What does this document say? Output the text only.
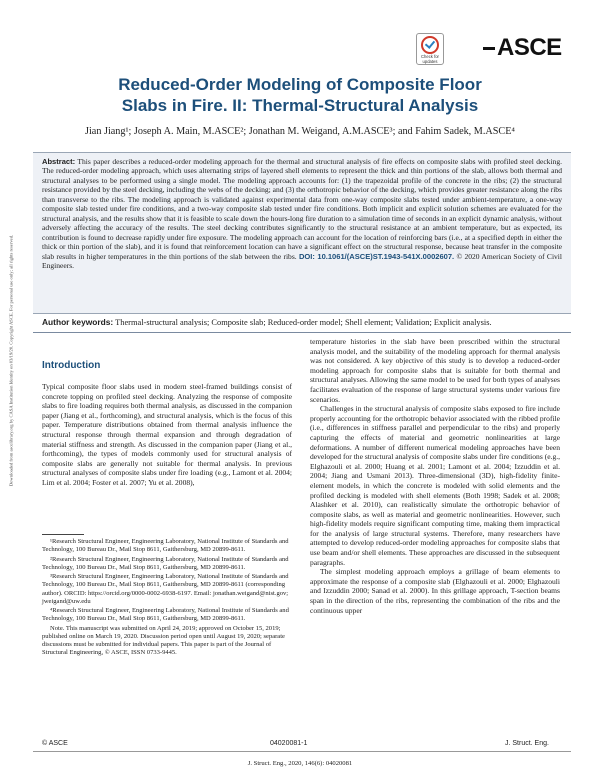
Downloaded from ascelibrary.org by CASA Institution Identity on 03/19/20. Copyright ASCE. For personal use only; all rights reserved.
Check for
updates
ASCE
Reduced-Order Modeling of Composite Floor
Slabs in Fire. II: Thermal-Structural Analysis
Jian Jiang¹; Joseph A. Main, M.ASCE²; Jonathan M. Weigand, A.M.ASCE³; and Fahim Sadek, M.ASCE⁴
Abstract: This paper describes a reduced-order modeling approach for the thermal and structural analysis of fire effects on composite slabs with profiled steel decking. The reduced-order modeling approach, which uses alternating strips of layered shell elements to represent the thick and thin portions of the slab, allows both thermal and structural analyses to be performed using a single model. The modeling approach accounts for: (1) the trapezoidal profile of the concrete in the ribs; (2) the structural resistance provided by the steel decking, including the webs of the decking; and (3) the orthotropic behavior of the decking, which provides greater resistance along the ribs than transverse to the ribs. The modeling approach is validated against experimental data from one-way composite slabs tested under ambient-temperature, a one-way composite slab tested under fire conditions, and a two-way composite slab tested under fire conditions. Both implicit and explicit solution schemes are evaluated for the structural analysis, and the results show that it is feasible to scale down the hours-long fire duration to a simulation time of seconds in an explicit dynamic analysis, without adversely affecting the accuracy of the results. The steel decking contributes significantly to the structural resistance at an ambient temperature, but as expected, its contribution is found to decrease rapidly under fire exposure. The modeling approach can account for the location of reinforcing bars (i.e., at a specified depth in either the thick or thin portion of the slab), and it is found that reinforcement location can have a significant effect on the structural response, because heat transfer in the composite slab results in higher temperatures in the thin portions of the slab between the ribs. DOI: 10.1061/(ASCE)ST.1943-541X.0002607. © 2020 American Society of Civil Engineers.
Author keywords: Thermal-structural analysis; Composite slab; Reduced-order model; Shell element; Validation; Explicit analysis.
Introduction

Typical composite floor slabs used in modern steel-framed buildings consist of concrete topping on profiled steel decking. Analyzing the response of composite slabs to fire loading requires both thermal analysis, as discussed in the companion paper (Jiang et al., forthcoming), and structural analysis, which is the focus of this paper. Temperature distributions obtained from thermal analysis influence the structural response through thermal expansion and through degradation of material stiffness and strength. As discussed in the companion paper (Jiang et al., forthcoming), the types of models commonly used for structural analysis of composite slabs are generally not suitable for thermal analysis. In previous structural analyses of composite slabs under fire loading (e.g., Lamont et al. 2004; Lim et al. 2004; Foster et al. 2007; Yu et al. 2008),

temperature histories in the slab have been prescribed within the structural analysis model, and the suitability of the modeling approach for thermal analysis was not considered. A key objective of this study is to develop a reduced-order modeling approach for composite slabs that is suitable for both thermal and structural analyses. Allowing the same model to be used for both types of analyses facilitates evaluation of the response of large structural systems under various fire scenarios.

Challenges in the structural analysis of composite slabs exposed to fire include properly accounting for the orthotropic behavior associated with the ribbed profile (i.e., differences in stiffness parallel and perpendicular to the ribs) and properly capturing the effects of material and geometric nonlinearities at large deformations. A number of different numerical modeling approaches have been developed for the structural analysis of composite slabs under fire conditions (e.g., Elghazouli et al. 2000; Huang et al. 2001; Lamont et al. 2004; Izzuddin et al. 2004; Jiang and Usmani 2013). Three-dimensional (3D), high-fidelity finite-element models, in which the concrete is modeled with solid elements and the profiled decking is modeled with shell elements (Both 1998; Sadek et al. 2008; Alashker et al. 2010), can realistically simulate the orthotropic behavior of composite slabs, as well as material and geometric nonlinearities. However, such high-fidelity models require significant computing time, making them impractical for the analysis of large structural systems. Therefore, many researchers have attempted to develop reduced-order modeling approaches for composite slabs that use beam and/or shell elements. These approaches are discussed in the subsequent paragraphs.

The simplest modeling approach employs a grillage of beam elements to approximate the response of a composite slab (Elghazouli et al. 2000; Elghazouli and Izzuddin 2000; Sanad et al. 2000). In this grillage approach, T-section beams span in the direction of the ribs, representing the combination of the ribs and the continuous upper

¹Research Structural Engineer, Engineering Laboratory, National Institute of Standards and Technology, 100 Bureau Dr., Mail Stop 8611, Gaithersburg, MD 20899-8611.

²Research Structural Engineer, Engineering Laboratory, National Institute of Standards and Technology, 100 Bureau Dr., Mail Stop 8611, Gaithersburg, MD 20899-8611.

³Research Structural Engineer, Engineering Laboratory, National Institute of Standards and Technology, 100 Bureau Dr., Mail Stop 8611, Gaithersburg, MD 20899-8611 (corresponding author). ORCID: https://orcid.org/0000-0002-6938-6197. Email: jonathan.weigand@nist.gov; jweigand@uw.edu

⁴Research Structural Engineer, Engineering Laboratory, National Institute of Standards and Technology, 100 Bureau Dr., Mail Stop 8611, Gaithersburg, MD 20899-8611.

Note. This manuscript was submitted on April 24, 2019; approved on October 15, 2019; published online on March 19, 2020. Discussion period open until August 19, 2020; separate discussions must be submitted for individual papers. This paper is part of the Journal of Structural Engineering, © ASCE, ISSN 0733-9445.

© ASCE	04020081-1	J. Struct. Eng.
J. Struct. Eng., 2020, 146(6): 04020081
